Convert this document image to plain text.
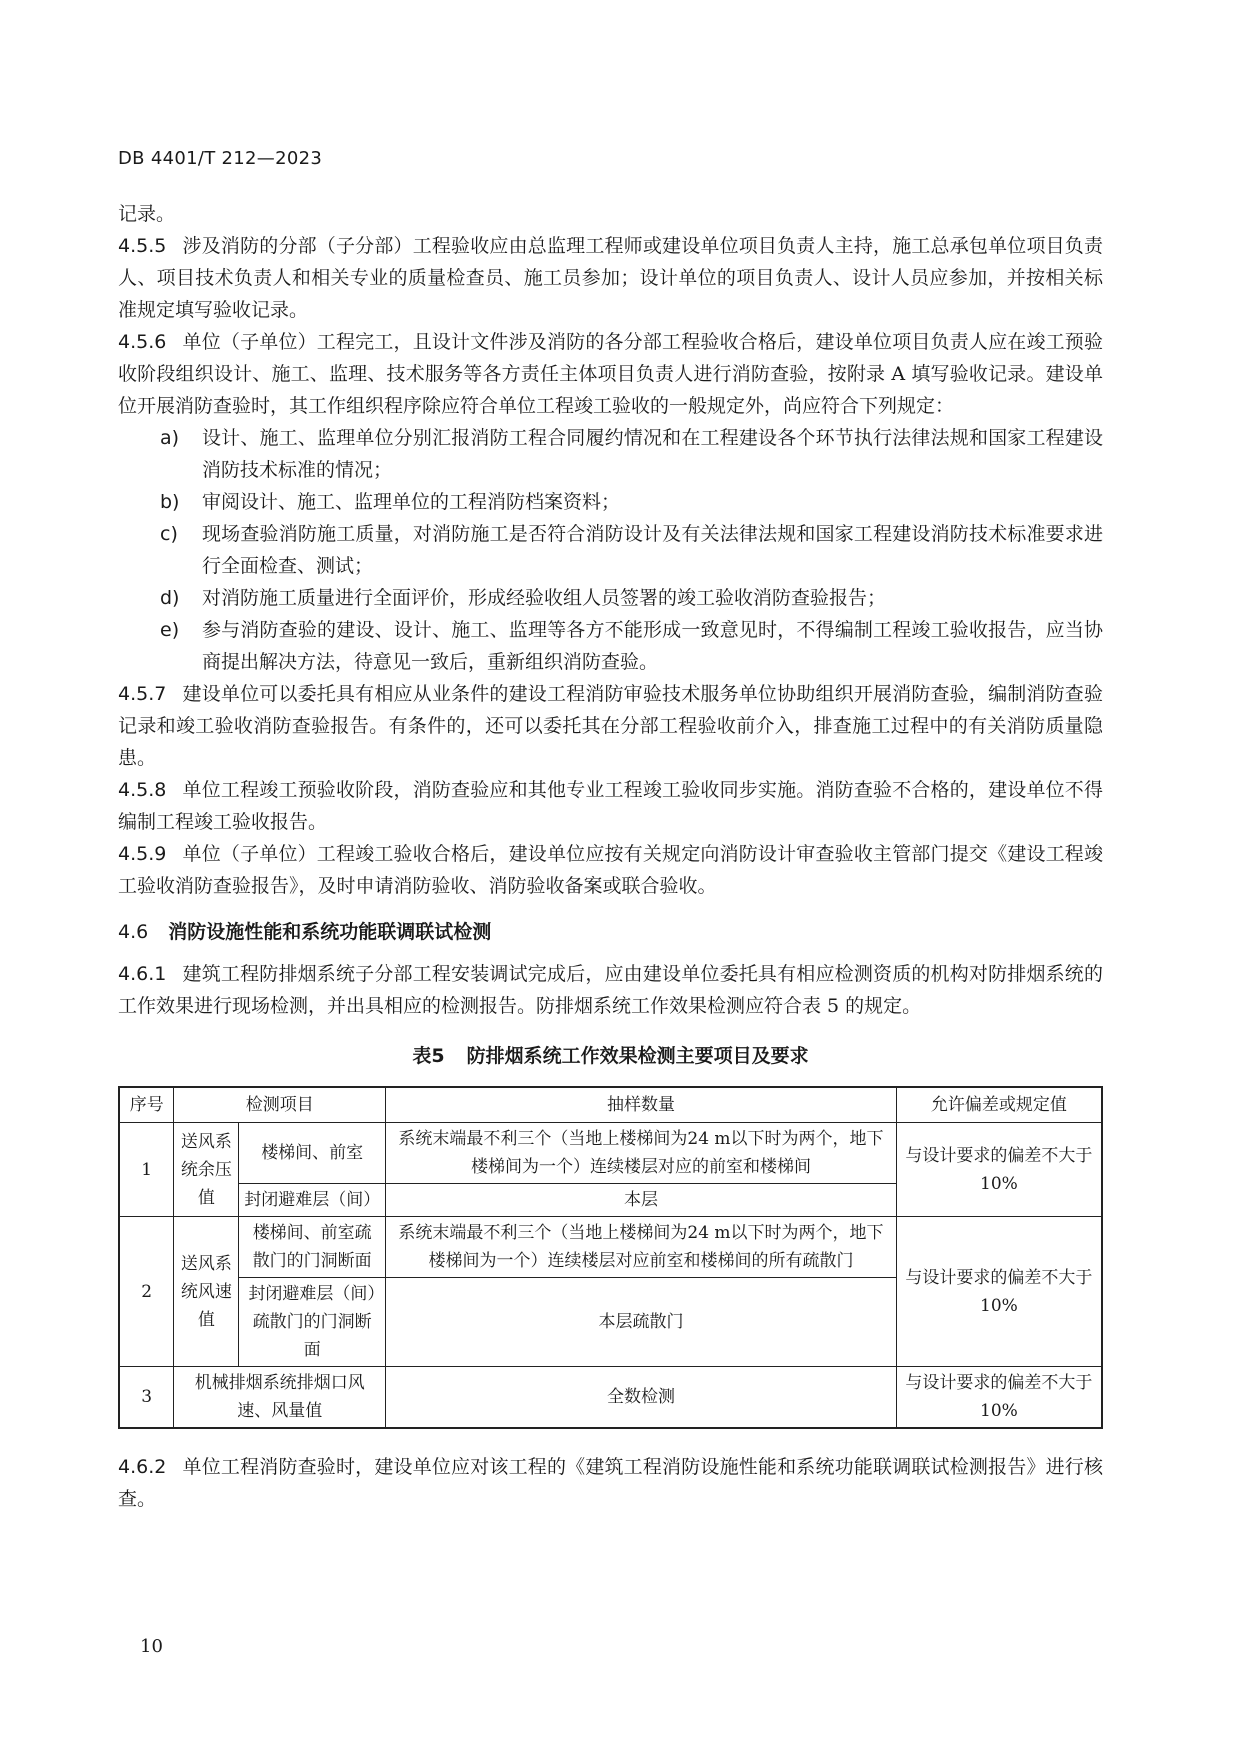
DB 4401/T 212—2023
记录。
4.5.5 涉及消防的分部（子分部）工程验收应由总监理工程师或建设单位项目负责人主持，施工总承包单位项目负责人、项目技术负责人和相关专业的质量检查员、施工员参加；设计单位的项目负责人、设计人员应参加，并按相关标准规定填写验收记录。
4.5.6 单位（子单位）工程完工，且设计文件涉及消防的各分部工程验收合格后，建设单位项目负责人应在竣工预验收阶段组织设计、施工、监理、技术服务等各方责任主体项目负责人进行消防查验，按附录 A 填写验收记录。建设单位开展消防查验时，其工作组织程序除应符合单位工程竣工验收的一般规定外，尚应符合下列规定：
a)	设计、施工、监理单位分别汇报消防工程合同履约情况和在工程建设各个环节执行法律法规和国家工程建设消防技术标准的情况；
b)	审阅设计、施工、监理单位的工程消防档案资料；
c)	现场查验消防施工质量，对消防施工是否符合消防设计及有关法律法规和国家工程建设消防技术标准要求进行全面检查、测试；
d)	对消防施工质量进行全面评价，形成经验收组人员签署的竣工验收消防查验报告；
e)	参与消防查验的建设、设计、施工、监理等各方不能形成一致意见时，不得编制工程竣工验收报告，应当协商提出解决方法，待意见一致后，重新组织消防查验。
4.5.7 建设单位可以委托具有相应从业条件的建设工程消防审验技术服务单位协助组织开展消防查验，编制消防查验记录和竣工验收消防查验报告。有条件的，还可以委托其在分部工程验收前介入，排查施工过程中的有关消防质量隐患。
4.5.8 单位工程竣工预验收阶段，消防查验应和其他专业工程竣工验收同步实施。消防查验不合格的，建设单位不得编制工程竣工验收报告。
4.5.9 单位（子单位）工程竣工验收合格后，建设单位应按有关规定向消防设计审查验收主管部门提交《建设工程竣工验收消防查验报告》，及时申请消防验收、消防验收备案或联合验收。
4.6 消防设施性能和系统功能联调联试检测
4.6.1 建筑工程防排烟系统子分部工程安装调试完成后，应由建设单位委托具有相应检测资质的机构对防排烟系统的工作效果进行现场检测，并出具相应的检测报告。防排烟系统工作效果检测应符合表 5 的规定。
表5 防排烟系统工作效果检测主要项目及要求
序号	检测项目		抽样数量	允许偏差或规定值
1	送风系统余压值	楼梯间、前室	系统末端最不利三个（当地上楼梯间为24 m以下时为两个，地下楼梯间为一个）连续楼层对应的前室和楼梯间	与设计要求的偏差不大于10%
		封闭避难层（间）	本层	
2	送风系统风速值	楼梯间、前室疏散门的门洞断面	系统末端最不利三个（当地上楼梯间为24 m以下时为两个，地下楼梯间为一个）连续楼层对应前室和楼梯间的所有疏散门	与设计要求的偏差不大于10%
		封闭避难层（间）疏散门的门洞断面	本层疏散门	
3	机械排烟系统排烟口风速、风量值		全数检测	与设计要求的偏差不大于10%
4.6.2 单位工程消防查验时，建设单位应对该工程的《建筑工程消防设施性能和系统功能联调联试检测报告》进行核查。
10
